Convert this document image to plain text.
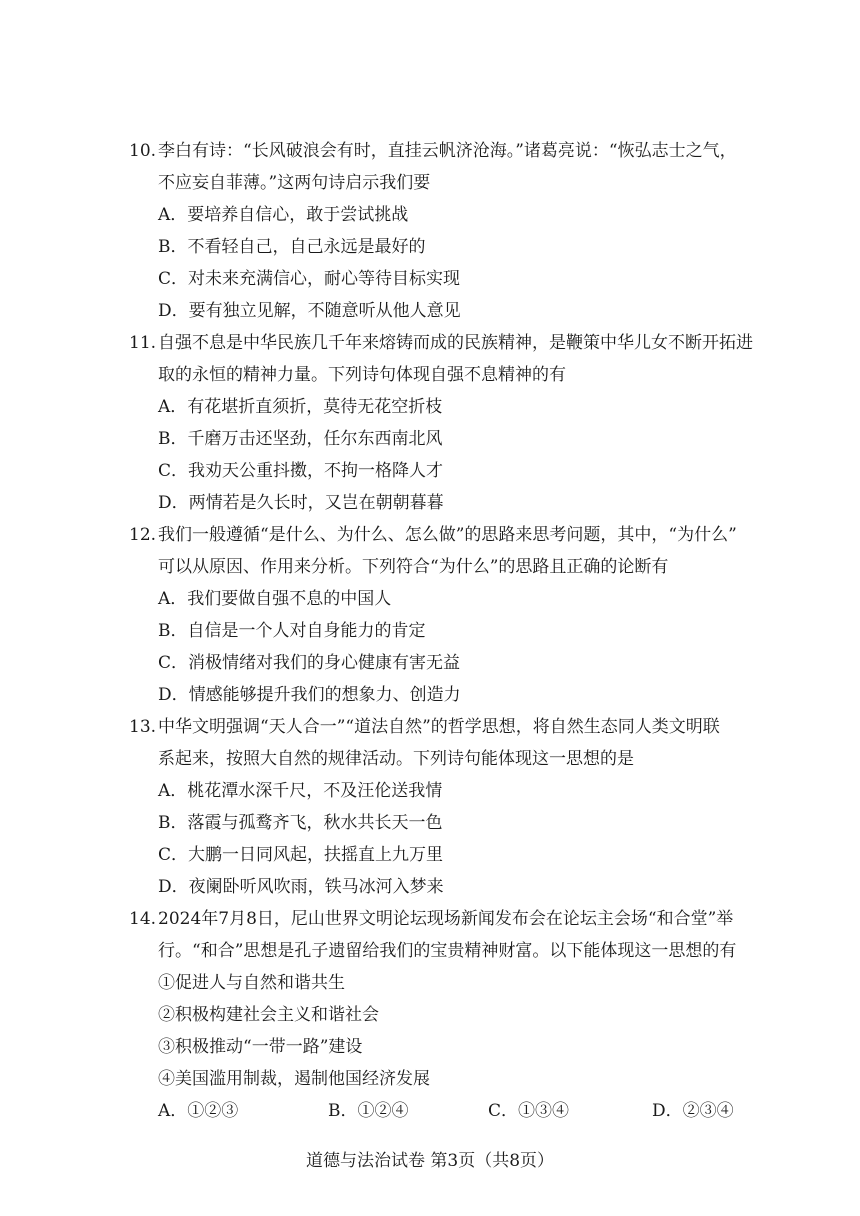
10. 李白有诗：“长风破浪会有时，直挂云帆济沧海。”诸葛亮说：“恢弘志士之气，
不应妄自菲薄。”这两句诗启示我们要
A．要培养自信心，敢于尝试挑战
B．不看轻自己，自己永远是最好的
C．对未来充满信心，耐心等待目标实现
D．要有独立见解，不随意听从他人意见
11. 自强不息是中华民族几千年来熔铸而成的民族精神，是鞭策中华儿女不断开拓进
取的永恒的精神力量。下列诗句体现自强不息精神的有
A．有花堪折直须折，莫待无花空折枝
B．千磨万击还坚劲，任尔东西南北风
C．我劝天公重抖擞，不拘一格降人才
D．两情若是久长时，又岂在朝朝暮暮
12. 我们一般遵循“是什么、为什么、怎么做”的思路来思考问题，其中，“为什么”
可以从原因、作用来分析。下列符合“为什么”的思路且正确的论断有
A．我们要做自强不息的中国人
B．自信是一个人对自身能力的肯定
C．消极情绪对我们的身心健康有害无益
D．情感能够提升我们的想象力、创造力
13. 中华文明强调“天人合一”“道法自然”的哲学思想，将自然生态同人类文明联
系起来，按照大自然的规律活动。下列诗句能体现这一思想的是
A．桃花潭水深千尺，不及汪伦送我情
B．落霞与孤鹜齐飞，秋水共长天一色
C．大鹏一日同风起，扶摇直上九万里
D．夜阑卧听风吹雨，铁马冰河入梦来
14. 2024年7月8日，尼山世界文明论坛现场新闻发布会在论坛主会场“和合堂”举
行。“和合”思想是孔子遗留给我们的宝贵精神财富。以下能体现这一思想的有
①促进人与自然和谐共生
②积极构建社会主义和谐社会
③积极推动“一带一路”建设
④美国滥用制裁，遏制他国经济发展
A．①②③	B．①②④	C．①③④	D．②③④
道德与法治试卷 第3页（共8页）
